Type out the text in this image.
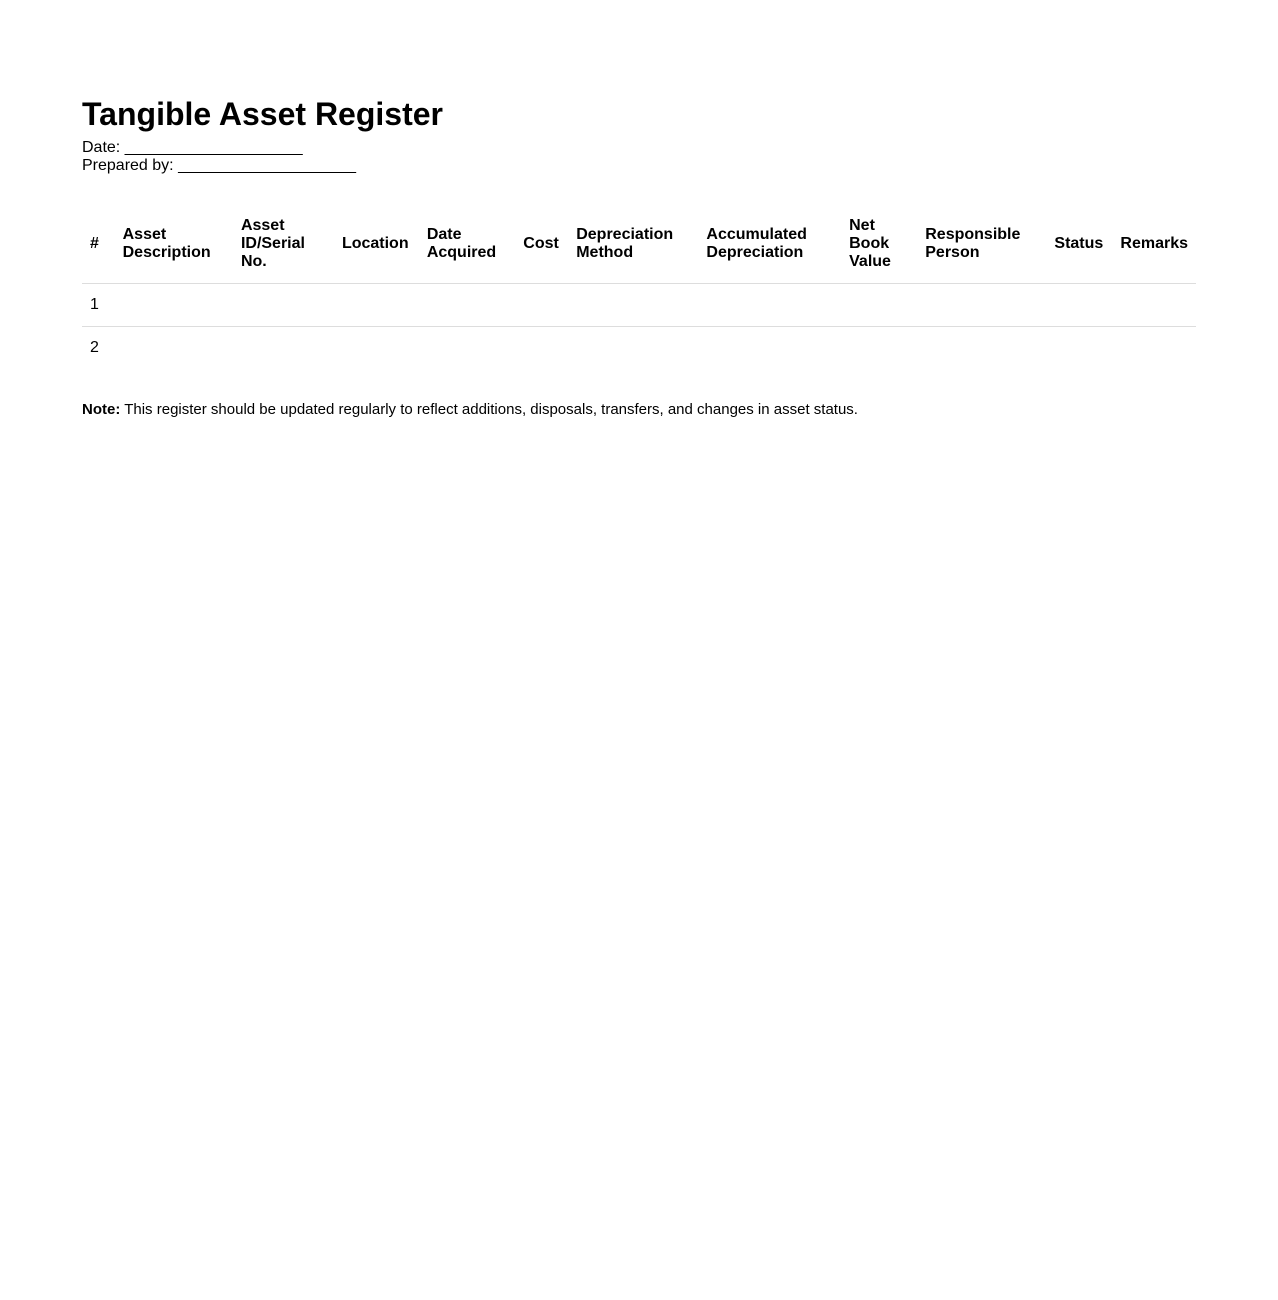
Tangible Asset Register
Date: ____________________
Prepared by: ____________________
#	Asset Description	Asset ID/Serial No.	Location	Date Acquired	Cost	Depreciation Method	Accumulated Depreciation	Net Book Value	Responsible Person	Status	Remarks
1											
2											
Note: This register should be updated regularly to reflect additions, disposals, transfers, and changes in asset status.
